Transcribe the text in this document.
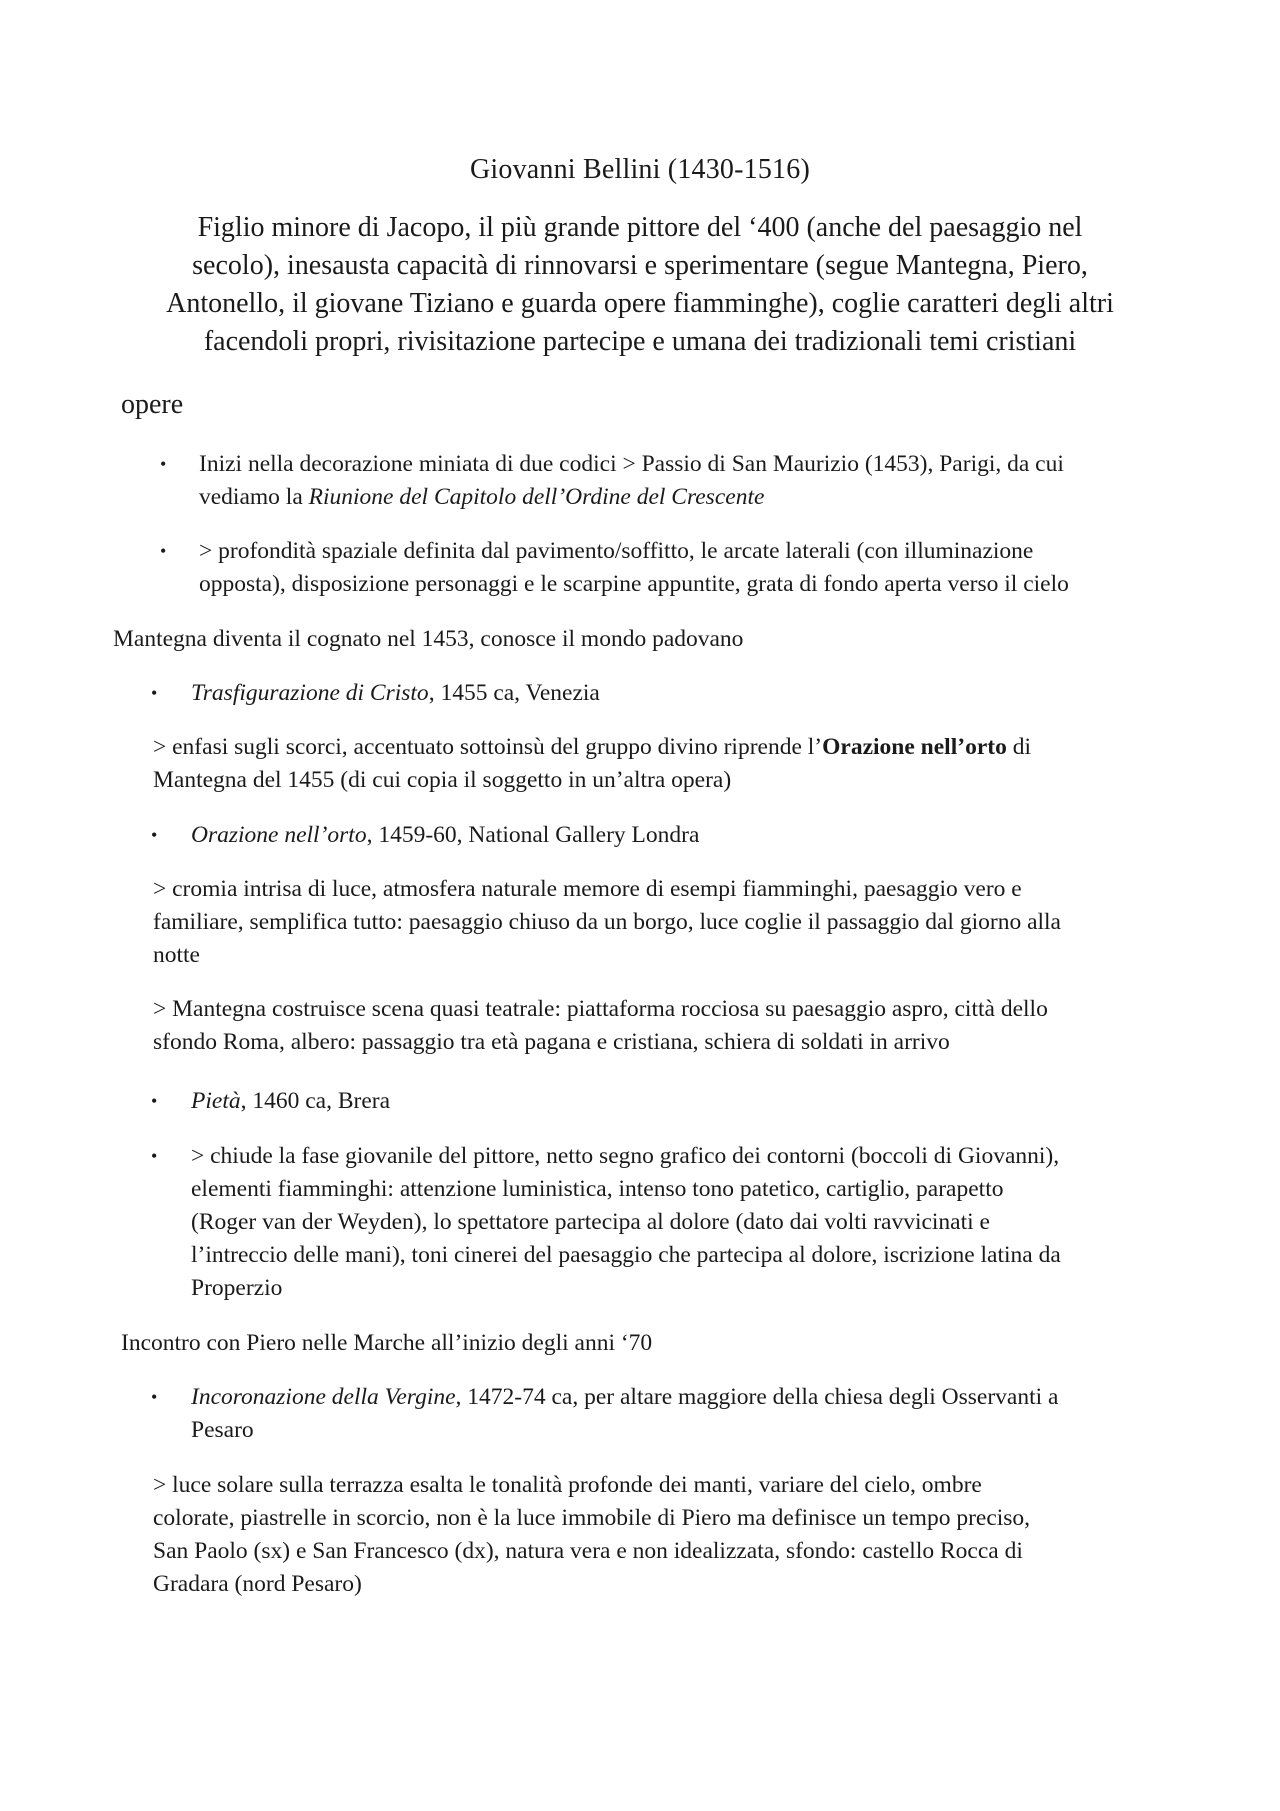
Giovanni Bellini (1430-1516)

Figlio minore di Jacopo, il più grande pittore del ‘400 (anche del paesaggio nel
secolo), inesausta capacità di rinnovarsi e sperimentare (segue Mantegna, Piero,
Antonello, il giovane Tiziano e guarda opere fiamminghe), coglie caratteri degli altri
facendoli propri, rivisitazione partecipe e umana dei tradizionali temi cristiani

opere

• Inizi nella decorazione miniata di due codici > Passio di San Maurizio (1453), Parigi, da cui
vediamo la Riunione del Capitolo dell’Ordine del Crescente
• > profondità spaziale definita dal pavimento/soffitto, le arcate laterali (con illuminazione
opposta), disposizione personaggi e le scarpine appuntite, grata di fondo aperta verso il cielo

Mantegna diventa il cognato nel 1453, conosce il mondo padovano

• Trasfigurazione di Cristo, 1455 ca, Venezia
> enfasi sugli scorci, accentuato sottoinsù del gruppo divino riprende l’Orazione nell’orto di
Mantegna del 1455 (di cui copia il soggetto in un’altra opera)
• Orazione nell’orto, 1459-60, National Gallery Londra
> cromia intrisa di luce, atmosfera naturale memore di esempi fiamminghi, paesaggio vero e
familiare, semplifica tutto: paesaggio chiuso da un borgo, luce coglie il passaggio dal giorno alla
notte
> Mantegna costruisce scena quasi teatrale: piattaforma rocciosa su paesaggio aspro, città dello
sfondo Roma, albero: passaggio tra età pagana e cristiana, schiera di soldati in arrivo
• Pietà, 1460 ca, Brera
• > chiude la fase giovanile del pittore, netto segno grafico dei contorni (boccoli di Giovanni),
elementi fiamminghi: attenzione luministica, intenso tono patetico, cartiglio, parapetto
(Roger van der Weyden), lo spettatore partecipa al dolore (dato dai volti ravvicinati e
l’intreccio delle mani), toni cinerei del paesaggio che partecipa al dolore, iscrizione latina da
Properzio

Incontro con Piero nelle Marche all’inizio degli anni ‘70

• Incoronazione della Vergine, 1472-74 ca, per altare maggiore della chiesa degli Osservanti a
Pesaro
> luce solare sulla terrazza esalta le tonalità profonde dei manti, variare del cielo, ombre
colorate, piastrelle in scorcio, non è la luce immobile di Piero ma definisce un tempo preciso,
San Paolo (sx) e San Francesco (dx), natura vera e non idealizzata, sfondo: castello Rocca di
Gradara (nord Pesaro)
